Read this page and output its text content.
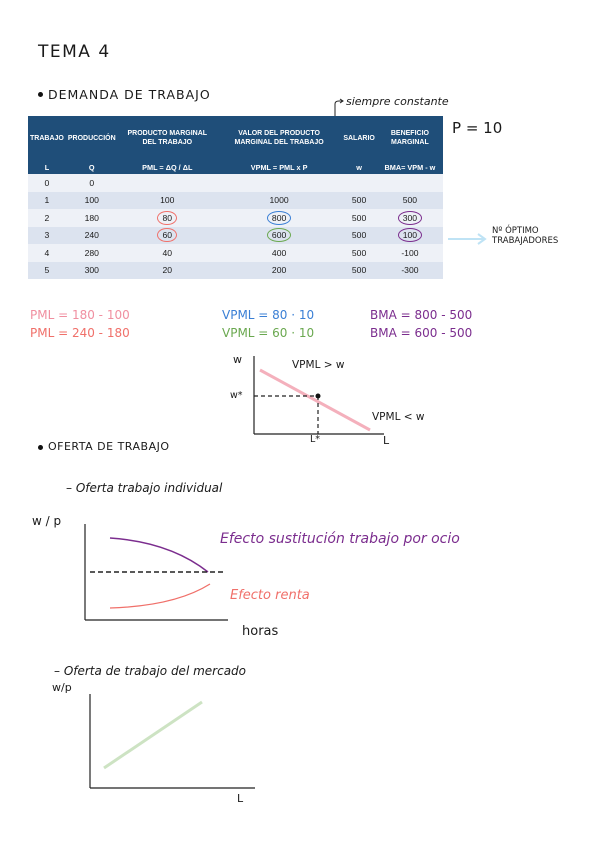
TEMA 4
DEMANDA DE TRABAJO	siempre constante
P = 10
TRABAJO	PRODUCCIÓN	PRODUCTO MARGINAL DEL TRABAJO	VALOR DEL PRODUCTO MARGINAL DEL TRABAJO	SALARIO	BENEFICIO MARGINAL
L	Q	PML = ΔQ / ΔL	VPML = PML x P	w	BMA= VPM - w
0	0				
1	100	100	1000	500	500
2	180	80	800	500	300
3	240	60	600	500	100
4	280	40	400	500	-100
5	300	20	200	500	-300
Nº ÓPTIMO
TRABAJADORES
PML = 180 - 100
PML = 240 - 180
VPML = 80 · 10
VPML = 60 · 10
BMA = 800 - 500
BMA = 600 - 500
w
w*
VPML > w
VPML < w
L*	L
OFERTA DE TRABAJO
– Oferta trabajo individual
w / p
Efecto sustitución trabajo por ocio
Efecto renta
horas
– Oferta de trabajo del mercado
w/p
L
